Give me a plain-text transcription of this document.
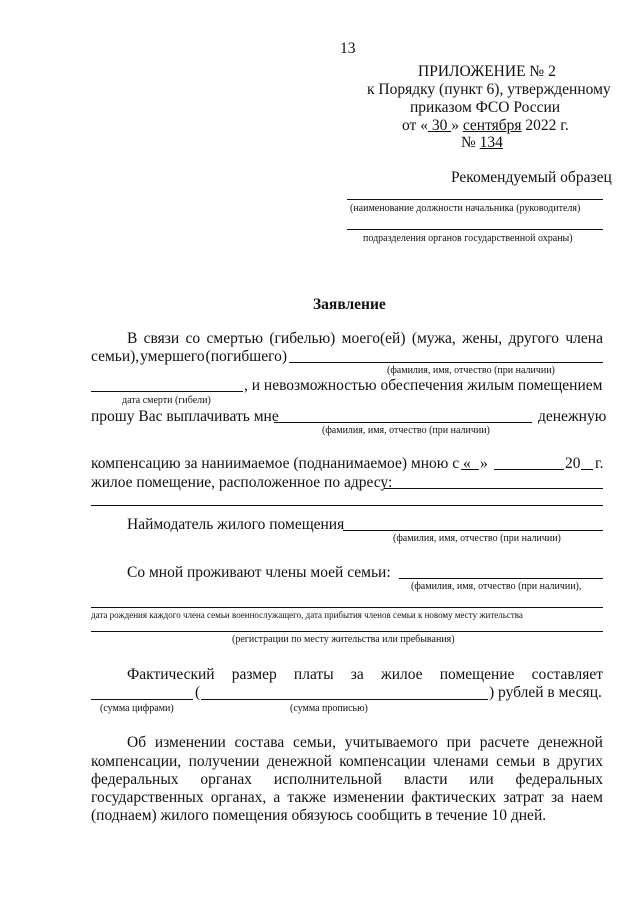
13
ПРИЛОЖЕНИЕ № 2
к Порядку (пункт 6), утвержденному
приказом ФСО России
от « 30 » сентября 2022 г.
№ 134
Рекомендуемый образец
(наименование должности начальника (руководителя)
подразделения органов государственной охраны)
Заявление
В связи со смертью (гибелью) моего(ей) (мужа, жены, другого члена
семьи), умершего (погибшего)
(фамилия, имя, отчество (при наличии)
, и невозможностью обеспечения жилым помещением
дата смерти (гибели)
прошу Вас выплачивать мне	денежную
(фамилия, имя, отчество (при наличии)
компенсацию за наниимаемое (поднанимаемое) мною с « »	20 г.
жилое помещение, расположенное по адресу:
Наймодатель жилого помещения
(фамилия, имя, отчество (при наличии)
Со мной проживают члены моей семьи:
(фамилия, имя, отчество (при наличии),
дата рождения каждого члена семьи военнослужащего, дата прибытия членов семьи к новому месту жительства
(регистрации по месту жительства или пребывания)
Фактический размер платы за жилое помещение составляет
(	) рублей в месяц.
(сумма цифрами)	(сумма прописью)
Об изменении состава семьи, учитываемого при расчете денежной
компенсации, получении денежной компенсации членами семьи в других
федеральных органах исполнительной власти или федеральных
государственных органах, а также изменении фактических затрат за наем
(поднаем) жилого помещения обязуюсь сообщить в течение 10 дней.
